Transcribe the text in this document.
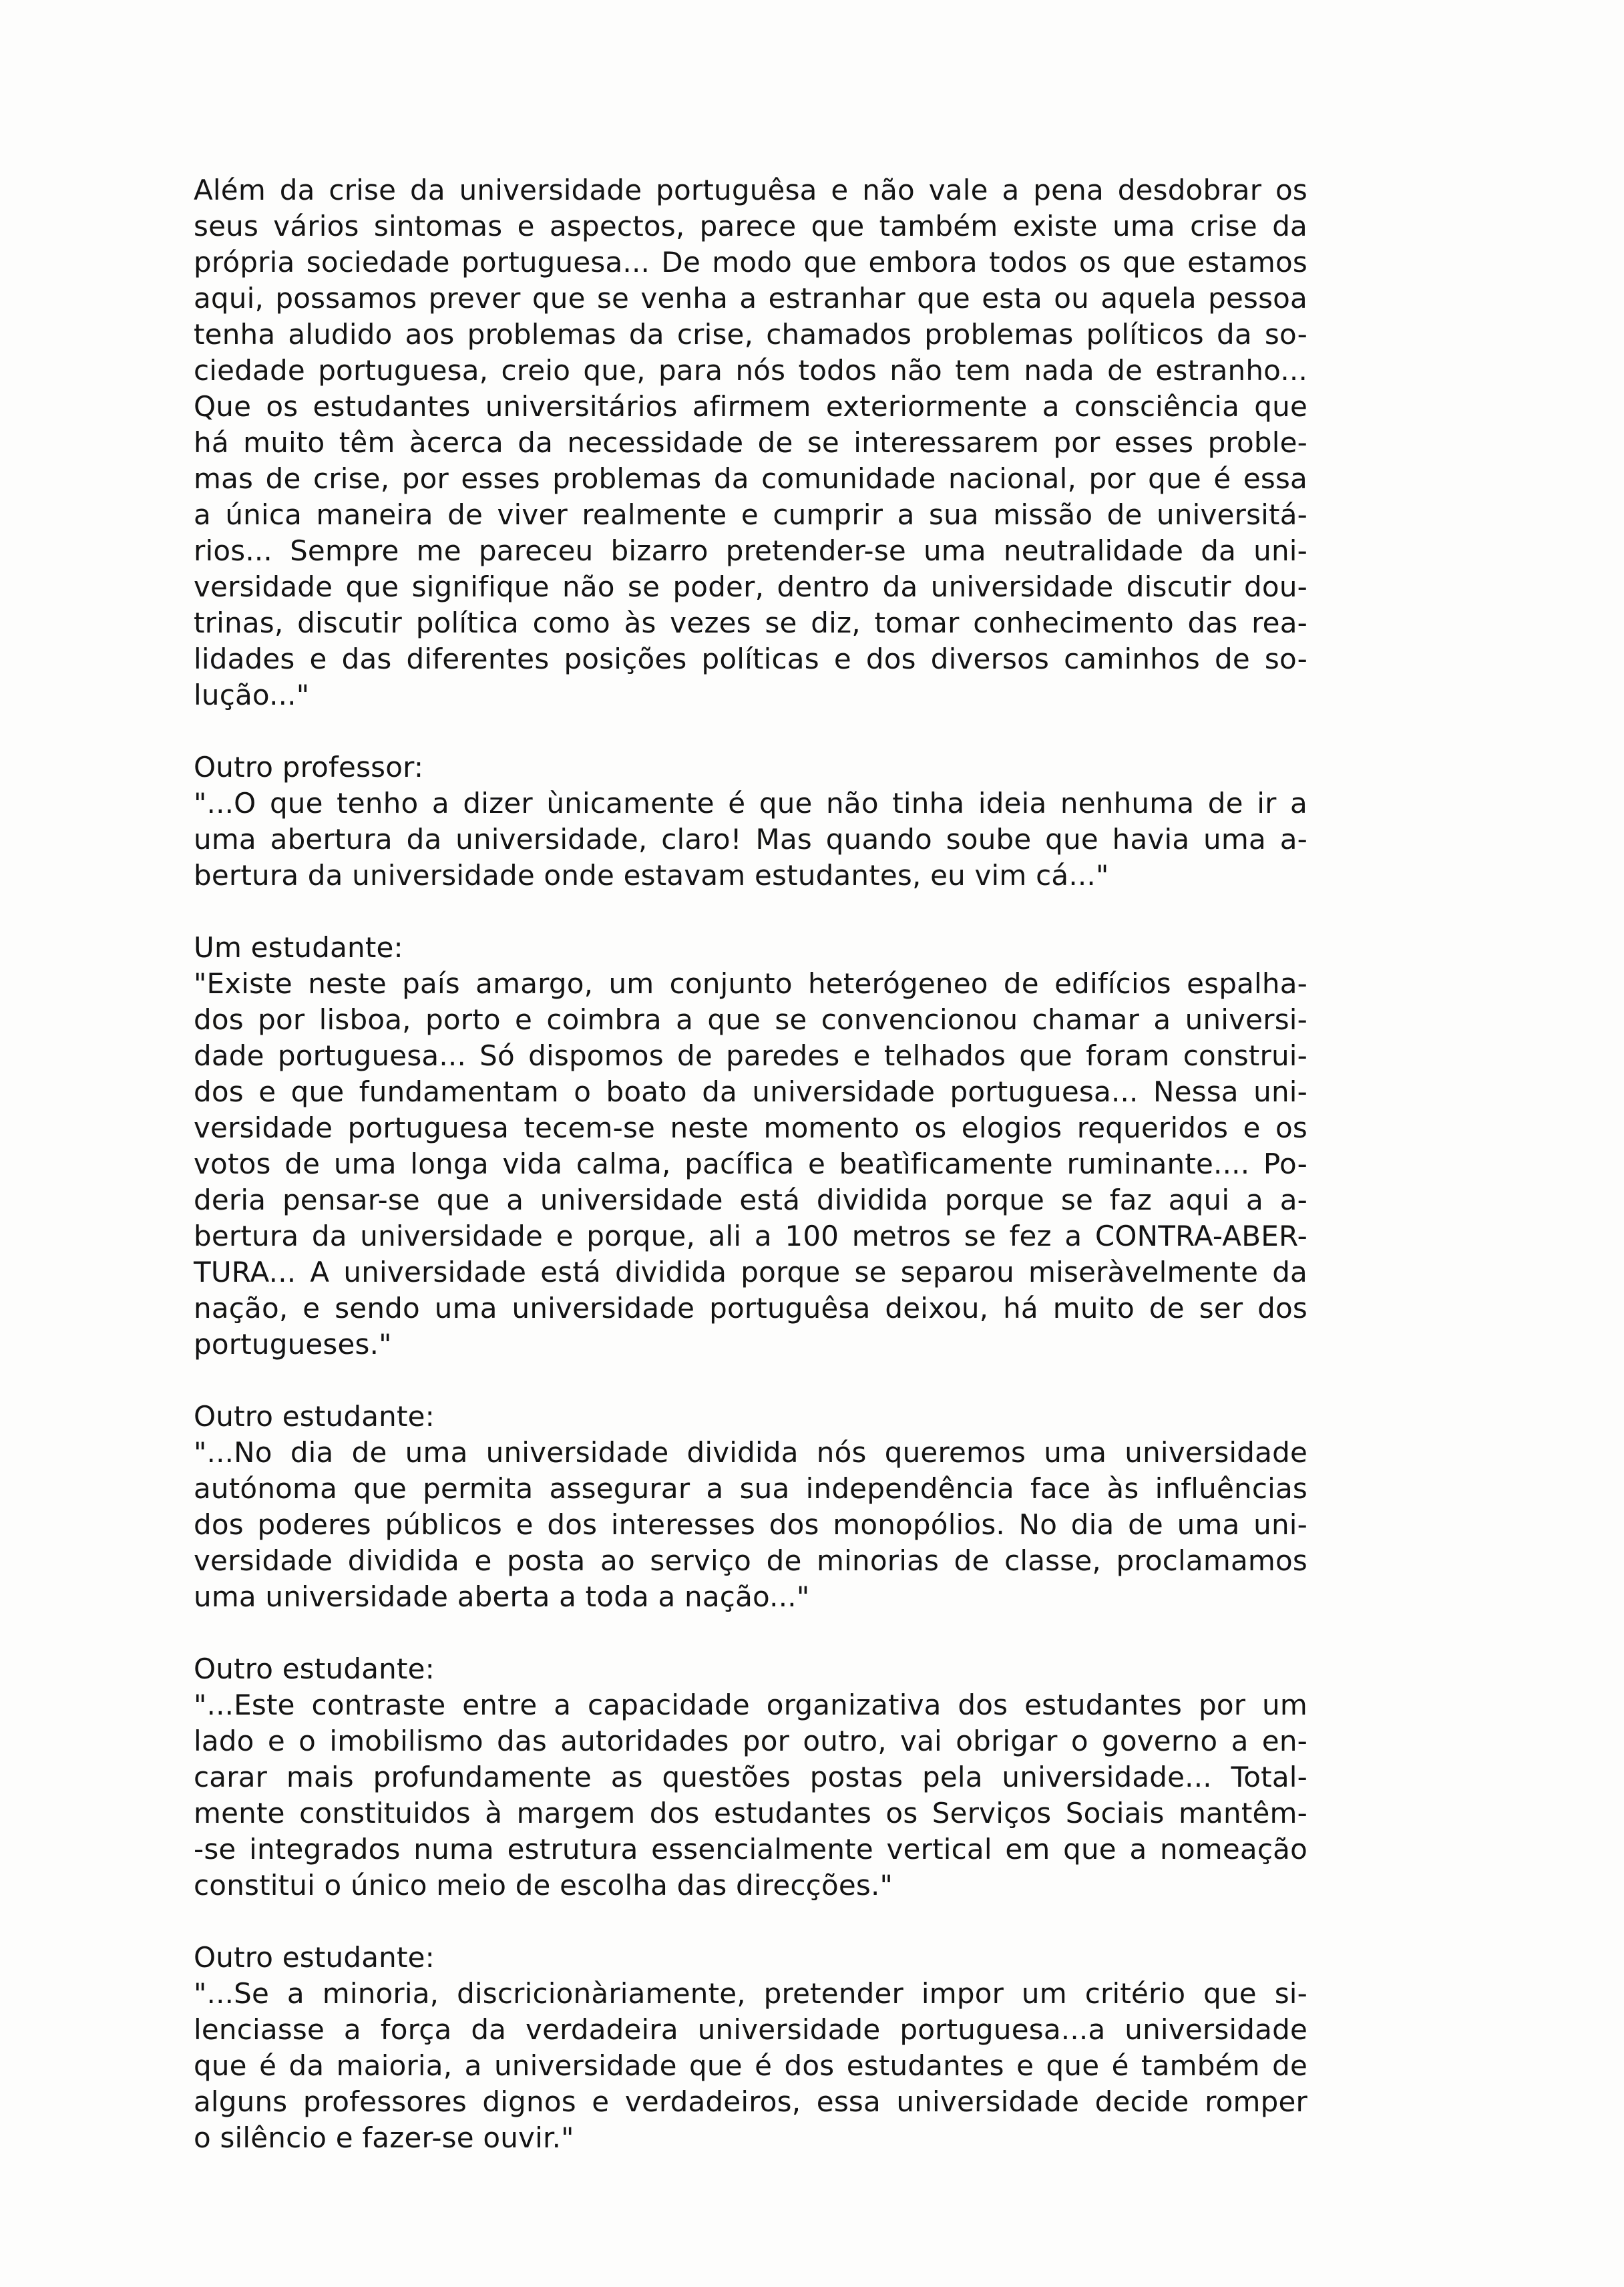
Além da crise da universidade portuguêsa e não vale a pena desdobrar os
seus vários sintomas e aspectos, parece que também existe uma crise da
própria sociedade portuguesa... De modo que embora todos os que estamos
aqui, possamos prever que se venha a estranhar que esta ou aquela pessoa
tenha aludido aos problemas da crise, chamados problemas políticos da so-
ciedade portuguesa, creio que, para nós todos não tem nada de estranho...
Que os estudantes universitários afirmem exteriormente a consciência que
há muito têm àcerca da necessidade de se interessarem por esses proble-
mas de crise, por esses problemas da comunidade nacional, por que é essa
a única maneira de viver realmente e cumprir a sua missão de universitá-
rios... Sempre me pareceu bizarro pretender-se uma neutralidade da uni-
versidade que signifique não se poder, dentro da universidade discutir dou-
trinas, discutir política como às vezes se diz, tomar conhecimento das rea-
lidades e das diferentes posições políticas e dos diversos caminhos de so-
lução..."
Outro professor:
"...O que tenho a dizer ùnicamente é que não tinha ideia nenhuma de ir a
uma abertura da universidade, claro! Mas quando soube que havia uma a-
bertura da universidade onde estavam estudantes, eu vim cá..."
Um estudante:
"Existe neste país amargo, um conjunto heterógeneo de edifícios espalha-
dos por lisboa, porto e coimbra a que se convencionou chamar a universi-
dade portuguesa... Só dispomos de paredes e telhados que foram construi-
dos e que fundamentam o boato da universidade portuguesa... Nessa uni-
versidade portuguesa tecem-se neste momento os elogios requeridos e os
votos de uma longa vida calma, pacífica e beatìficamente ruminante.... Po-
deria pensar-se que a universidade está dividida porque se faz aqui a a-
bertura da universidade e porque, ali a 100 metros se fez a CONTRA-ABER-
TURA... A universidade está dividida porque se separou miseràvelmente da
nação, e sendo uma universidade portuguêsa deixou, há muito de ser dos
portugueses."
Outro estudante:
"...No dia de uma universidade dividida nós queremos uma universidade
autónoma que permita assegurar a sua independência face às influências
dos poderes públicos e dos interesses dos monopólios. No dia de uma uni-
versidade dividida e posta ao serviço de minorias de classe, proclamamos
uma universidade aberta a toda a nação..."
Outro estudante:
"...Este contraste entre a capacidade organizativa dos estudantes por um
lado e o imobilismo das autoridades por outro, vai obrigar o governo a en-
carar mais profundamente as questões postas pela universidade... Total-
mente constituidos à margem dos estudantes os Serviços Sociais mantêm-
-se integrados numa estrutura essencialmente vertical em que a nomeação
constitui o único meio de escolha das direcções."
Outro estudante:
"...Se a minoria, discricionàriamente, pretender impor um critério que si-
lenciasse a força da verdadeira universidade portuguesa...a universidade
que é da maioria, a universidade que é dos estudantes e que é também de
alguns professores dignos e verdadeiros, essa universidade decide romper
o silêncio e fazer-se ouvir."
